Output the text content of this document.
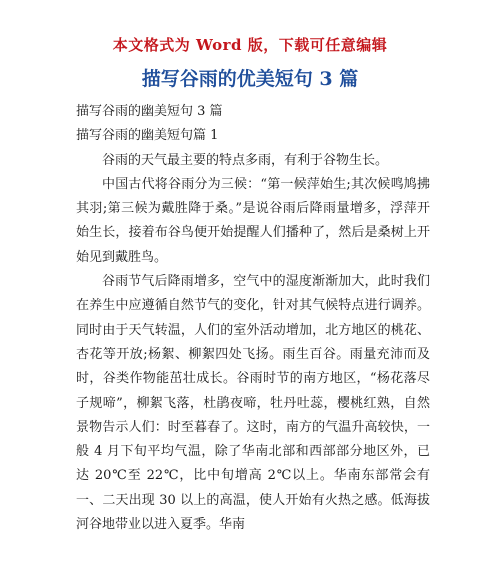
本文格式为 Word 版，下载可任意编辑
描写谷雨的优美短句 3 篇

描写谷雨的幽美短句 3 篇

描写谷雨的幽美短句篇 1

谷雨的天气最主要的特点多雨，有利于谷物生长。

中国古代将谷雨分为三候：“第一候萍始生;其次候鸣鸠拂其羽;第三候为戴胜降于桑。”是说谷雨后降雨量增多，浮萍开始生长，接着布谷鸟便开始提醒人们播种了，然后是桑树上开始见到戴胜鸟。

谷雨节气后降雨增多，空气中的湿度渐渐加大，此时我们在养生中应遵循自然节气的变化，针对其气候特点进行调养。同时由于天气转温，人们的室外活动增加，北方地区的桃花、杏花等开放;杨絮、柳絮四处飞扬。雨生百谷。雨量充沛而及时，谷类作物能茁壮成长。谷雨时节的南方地区，“杨花落尽子规啼”，柳絮飞落，杜鹃夜啼，牡丹吐蕊，樱桃红熟，自然景物告示人们：时至暮春了。这时，南方的气温升高较快，一般 4 月下旬平均气温，除了华南北部和西部部分地区外，已达 20℃至 22℃，比中旬增高 2℃以上。华南东部常会有一、二天出现 30 以上的高温，使人开始有火热之感。低海拔河谷地带业以进入夏季。华南
